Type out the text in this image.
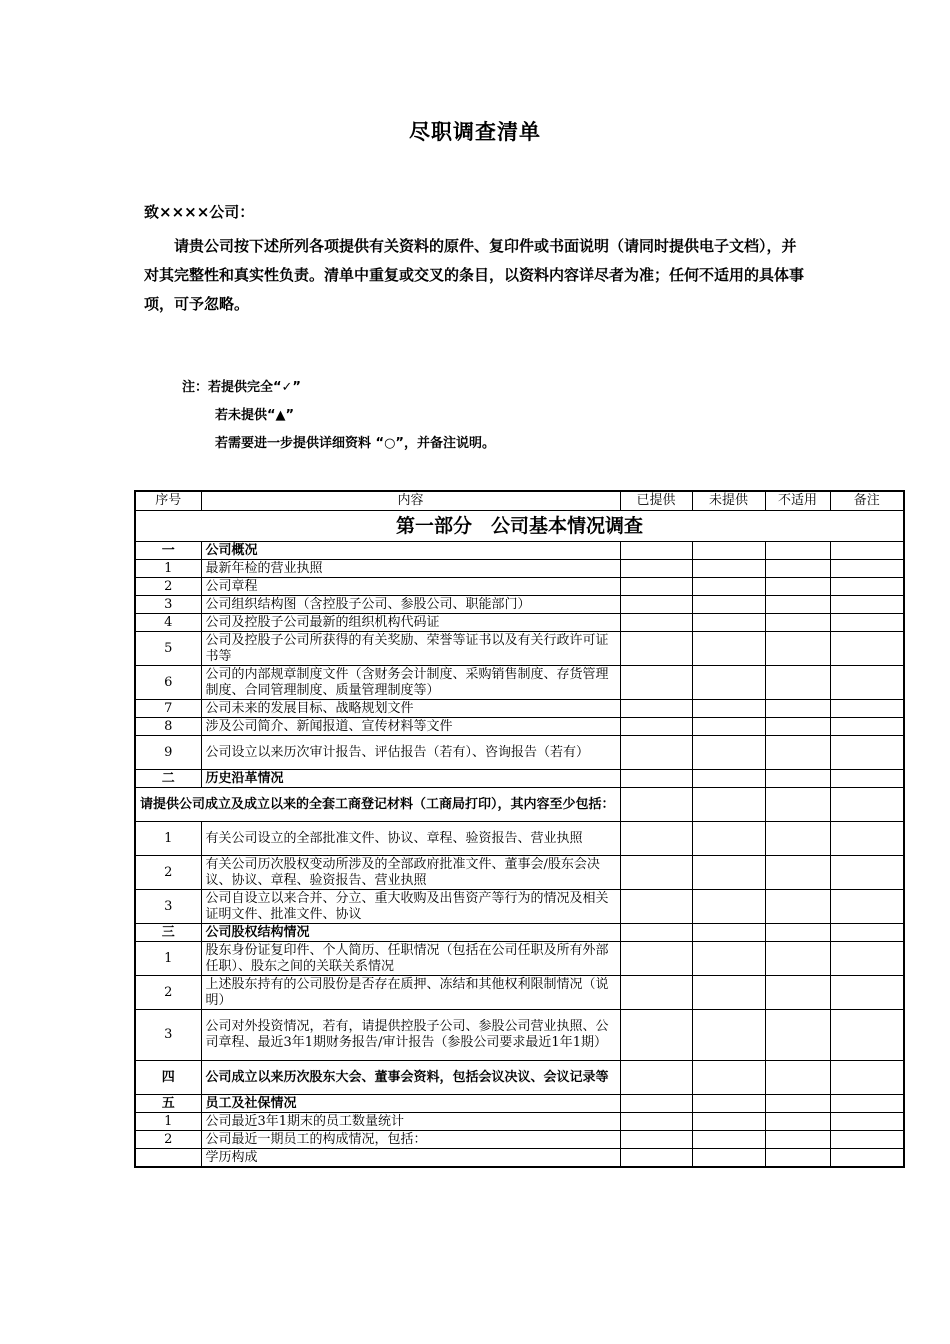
尽职调查清单
致××××公司：
请贵公司按下述所列各项提供有关资料的原件、复印件或书面说明（请同时提供电子文档），并对其完整性和真实性负责。清单中重复或交叉的条目，以资料内容详尽者为准；任何不适用的具体事项，可予忽略。
注：若提供完全“✓”
若未提供“▲”
若需要进一步提供详细资料 “○”，并备注说明。
序号	内容	已提供	未提供	不适用	备注
第一部分　公司基本情况调查					
一	公司概况				
1	最新年检的营业执照				
2	公司章程				
3	公司组织结构图（含控股子公司、参股公司、职能部门）				
4	公司及控股子公司最新的组织机构代码证				
5	公司及控股子公司所获得的有关奖励、荣誉等证书以及有关行政许可证书等				
6	公司的内部规章制度文件（含财务会计制度、采购销售制度、存货管理制度、合同管理制度、质量管理制度等）				
7	公司未来的发展目标、战略规划文件				
8	涉及公司简介、新闻报道、宣传材料等文件				
9	公司设立以来历次审计报告、评估报告（若有）、咨询报告（若有）				
二	历史沿革情况				
请提供公司成立及成立以来的全套工商登记材料（工商局打印），其内容至少包括：					
1	有关公司设立的全部批准文件、协议、章程、验资报告、营业执照				
2	有关公司历次股权变动所涉及的全部政府批准文件、董事会/股东会决议、协议、章程、验资报告、营业执照				
3	公司自设立以来合并、分立、重大收购及出售资产等行为的情况及相关证明文件、批准文件、协议				
三	公司股权结构情况				
1	股东身份证复印件、个人简历、任职情况（包括在公司任职及所有外部任职）、股东之间的关联关系情况				
2	上述股东持有的公司股份是否存在质押、冻结和其他权利限制情况（说明）				
3	公司对外投资情况，若有，请提供控股子公司、参股公司营业执照、公司章程、最近3年1期财务报告/审计报告（参股公司要求最近1年1期）				
四	公司成立以来历次股东大会、董事会资料，包括会议决议、会议记录等				
五	员工及社保情况				
1	公司最近3年1期末的员工数量统计				
2	公司最近一期员工的构成情况，包括：				
	学历构成				
